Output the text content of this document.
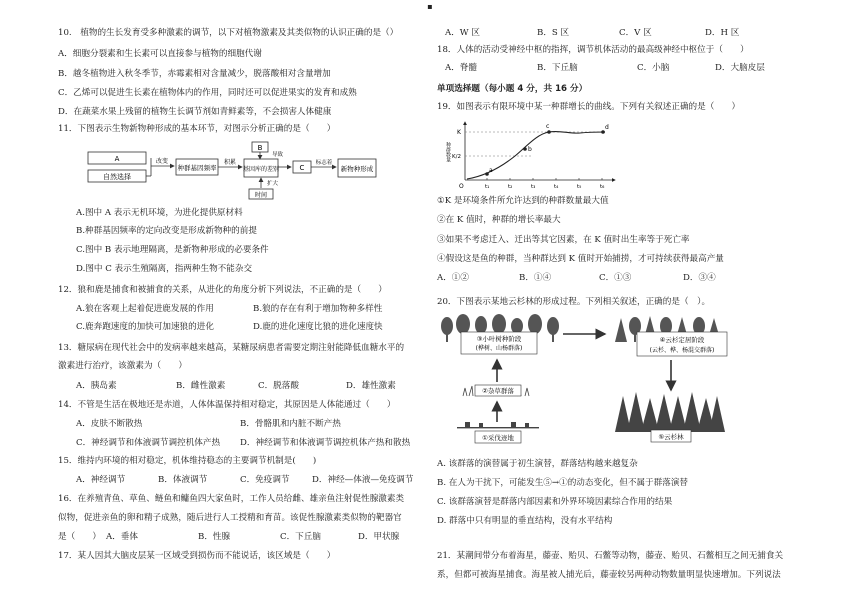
▪
10.　植物的生长发育受多种激素的调节，以下对植物激素及其类似物的认识正确的是（）
A．细胞分裂素和生长素可以直接参与植物的细胞代谢
B．越冬植物进入秋冬季节，赤霉素相对含量减少，脱落酸相对含量增加
C．乙烯可以促进生长素在植物体内的作用，同时还可以促进果实的发育和成熟
D．在蔬菜水果上残留的植物生长调节剂如青鲜素等，不会损害人体健康
11．下图表示生物新物种形成的基本环节，对图示分析正确的是（　　）
A
自然选择
改变
种群基因频率
积累
B
导致
基因库的差别
扩大
时间
C
标志着
新物种形成
A.图中 A 表示无机环境，为进化提供原材料
B.种群基因频率的定向改变是形成新物种的前提
C.图中 B 表示地理隔离，是新物种形成的必要条件
D.图中 C 表示生殖隔离，指两种生物不能杂交
12．狼和鹿是捕食和被捕食的关系，从进化的角度分析下列说法，不正确的是（　　）
A.狼在客观上起着促进鹿发展的作用	B.狼的存在有利于增加物种多样性
C.鹿奔跑速度的加快可加速狼的进化	D.鹿的进化速度比狼的进化速度快
13．糖尿病在现代社会中的发病率越来越高，某糖尿病患者需要定期注射能降低血糖水平的
激素进行治疗，该激素为（　　）
A．胰岛素	B．雌性激素	C．脱落酸	D．雄性激素
14．不管是生活在极地还是赤道，人体体温保持相对稳定，其原因是人体能通过（　　）
A．皮肤不断散热	B．骨骼肌和内脏不断产热
C．神经调节和体液调节调控机体产热 D．神经调节和体液调节调控机体产热和散热
15．维持内环境的相对稳定，机体维持稳态的主要调节机制是(　　)
A．神经调节	B．体液调节	C．免疫调节	D．神经—体液—免疫调节
16．在养殖青鱼、草鱼、鲢鱼和鳙鱼四大家鱼时，工作人员给雌、雄亲鱼注射促性腺激素类
似物，促进亲鱼的卵和精子成熟，随后进行人工授精和育苗。该促性腺激素类似物的靶器官
是（　　） A．垂体	B．性腺	C．下丘脑	D．甲状腺
17．某人因其大脑皮层某一区域受到损伤而不能说话，该区域是（　　）
A．W 区	B．S 区	C．V 区	D．H 区
18．人体的活动受神经中枢的指挥，调节机体活动的最高级神经中枢位于（　　）
A．脊髓	B．下丘脑	C．小脑	D．大脑皮层
单项选择题（每小题 4 分，共 16 分）
19．如图表示有限环境中某一种群增长的曲线。下列有关叙述正确的是（　　）
种群数量
K
K/2
O	t₁	t₂	t₃	t₄	t₅	t₆
a
b
c	d
①K 是环境条件所允许达到的种群数量最大值
②在 K 值时，种群的增长率最大
③如果不考虑迁入、迁出等其它因素，在 K 值时出生率等于死亡率
④假设这是鱼的种群，当种群达到 K 值时开始捕捞，才可持续获得最高产量
A．①②	B．①④	C．①③	D．③④
20．下图表示某地云杉林的形成过程。下列相关叙述，正确的是（　）。
③小叶树种阶段
(桦树、山杨群落)
④云杉定居阶段
(云杉、桦、杨混交群落)
②杂草群落
①采伐迹地	⑤云杉林
A. 该群落的演替属于初生演替，群落结构越来越复杂
B. 在人为干扰下，可能发生⑤→①的动态变化，但不属于群落演替
C. 该群落演替是群落内部因素和外界环境因素综合作用的结果
D. 群落中只有明显的垂直结构，没有水平结构
21．某潮间带分布着海星，藤壶、贻贝、石鳖等动物，藤壶、贻贝、石鳖相互之间无捕食关
系，但都可被海星捕食。海星被人捕光后，藤壶较另两种动物数量明显快速增加。下列说法
